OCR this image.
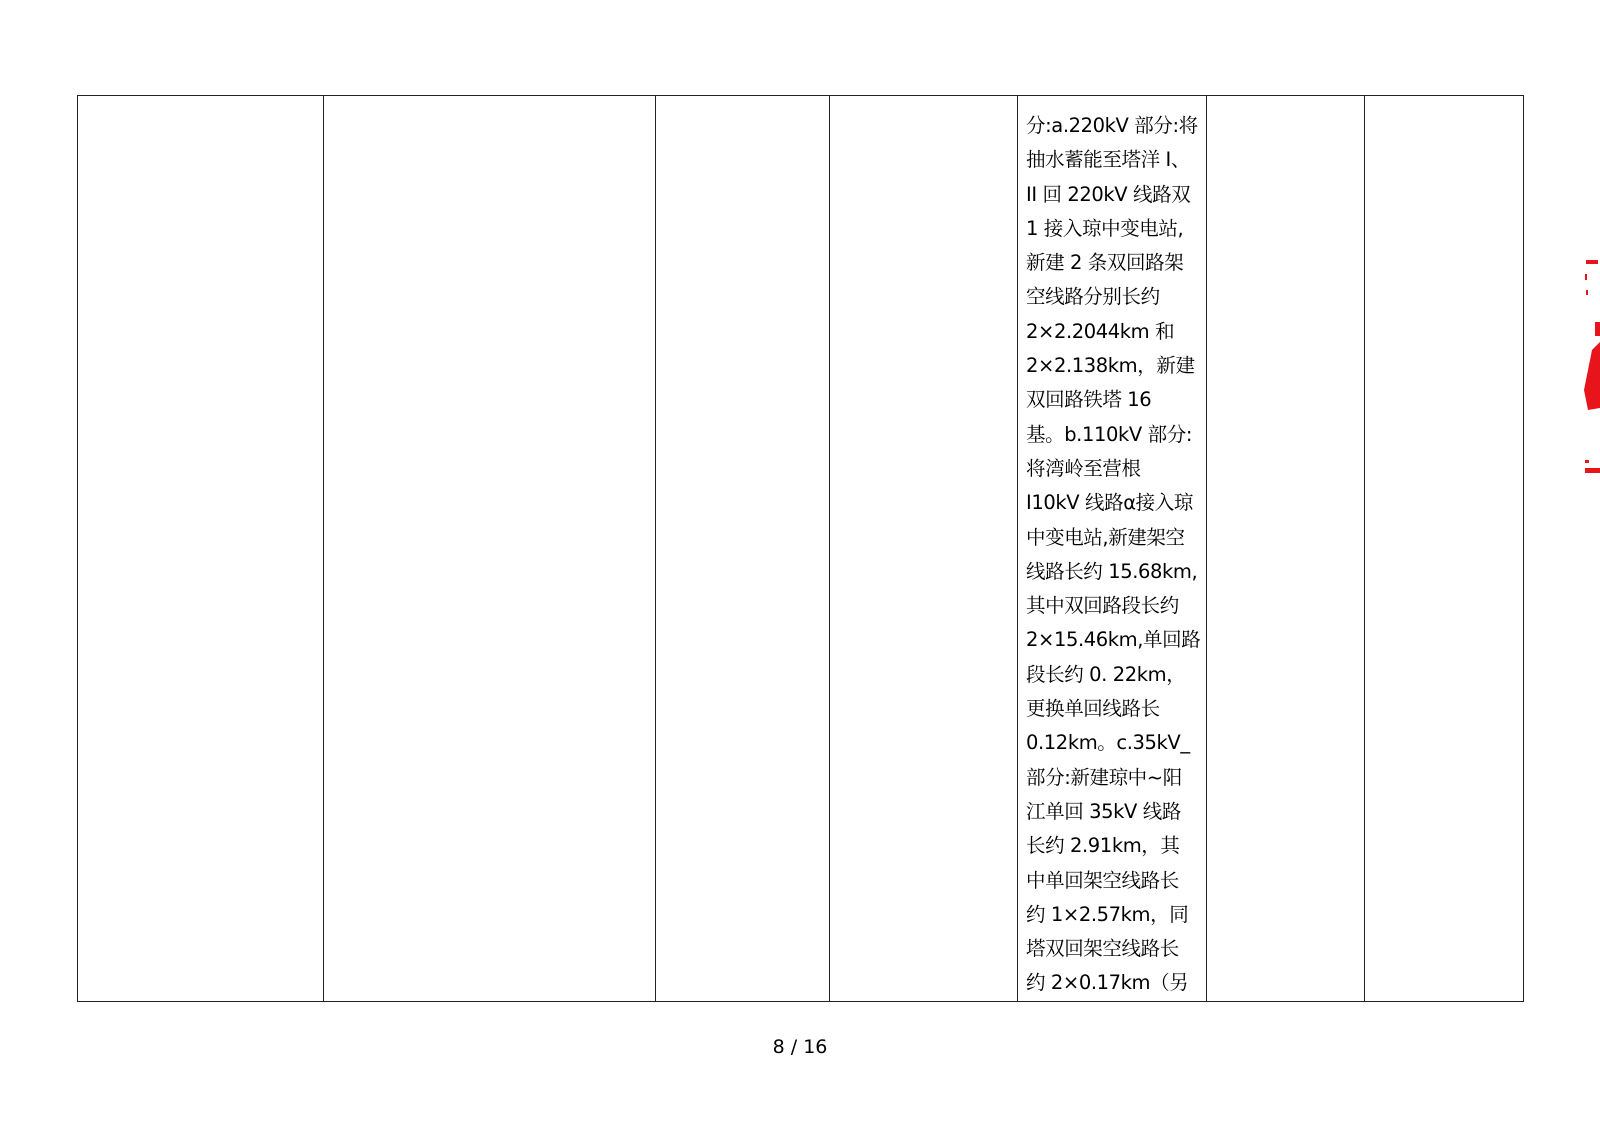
分:a.220kV 部分:将
抽水蓄能至塔洋 I、
II 回 220kV 线路双
1 接入琼中变电站,
新建 2 条双回路架
空线路分别长约
2×2.2044km 和
2×2.138km，新建
双回路铁塔 16
基。b.110kV 部分:
将湾岭至营根
I10kV 线路α接入琼
中变电站,新建架空
线路长约 15.68km,
其中双回路段长约
2×15.46km,单回路
段长约 0. 22km，
更换单回线路长
0.12km。c.35kV_
部分:新建琼中~阳
江单回 35kV 线路
长约 2.91km，其
中单回架空线路长
约 1×2.57km，同
塔双回架空线路长
约 2×0.17km（另

8 / 16
